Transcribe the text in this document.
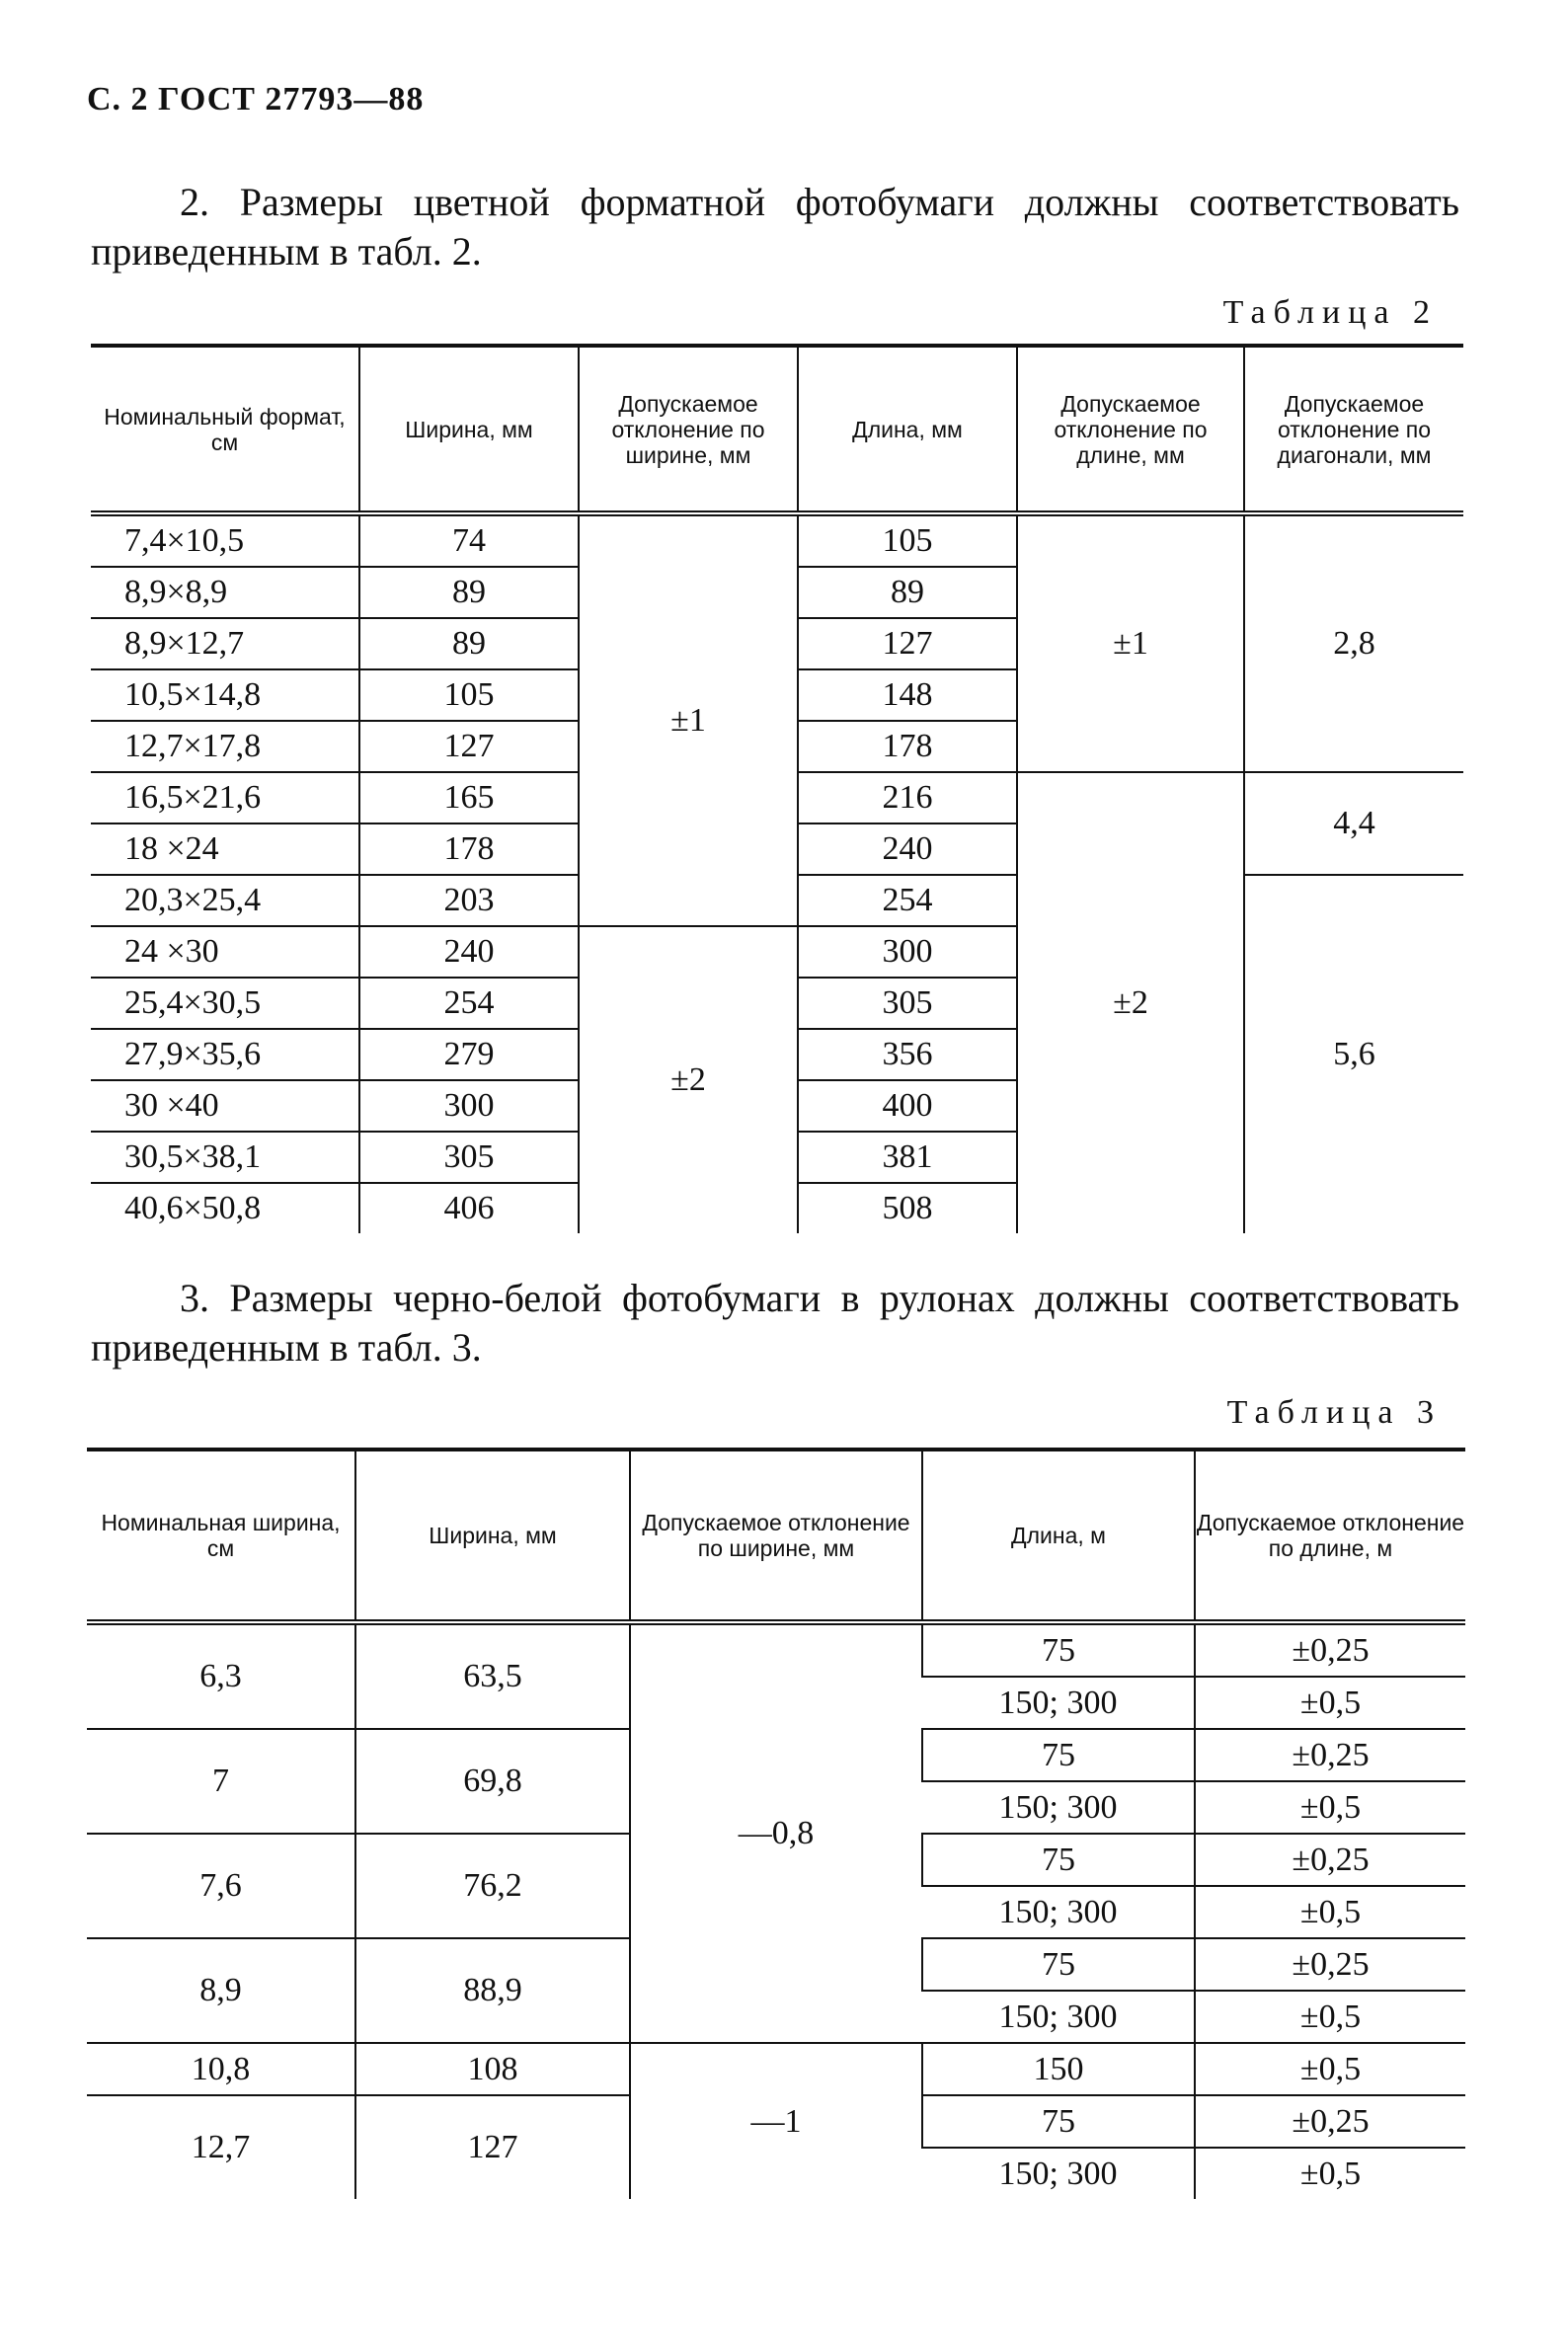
С. 2 ГОСТ 27793—88

2. Размеры цветной форматной фотобумаги должны соответствовать приведенным в табл. 2.

Таблица 2
Номинальный формат, см	Ширина, мм	Допускаемое отклонение по ширине, мм	Длина, мм	Допускаемое отклонение по длине, мм	Допускаемое отклонение по диагонали, мм
7,4×10,5	74	±1	105	±1	2,8
8,9×8,9	89		89		
8,9×12,7	89		127		
10,5×14,8	105		148		
12,7×17,8	127		178		
16,5×21,6	165		216	±2	4,4
18 ×24	178		240		
20,3×25,4	203		254		5,6
24 ×30	240	±2	300		
25,4×30,5	254		305		
27,9×35,6	279		356		
30 ×40	300		400		
30,5×38,1	305		381		
40,6×50,8	406		508		

3. Размеры черно-белой фотобумаги в рулонах должны соответствовать приведенным в табл. 3.

Таблица 3
Номинальная ширина, см	Ширина, мм	Допускаемое отклонение по ширине, мм	Длина, м	Допускаемое отклонение по длине, м
6,3	63,5	—0,8	75	±0,25
			150; 300	±0,5
7	69,8		75	±0,25
			150; 300	±0,5
7,6	76,2		75	±0,25
			150; 300	±0,5
8,9	88,9		75	±0,25
			150; 300	±0,5
10,8	108	—1	150	±0,5
12,7	127		75	±0,25
			150; 300	±0,5
